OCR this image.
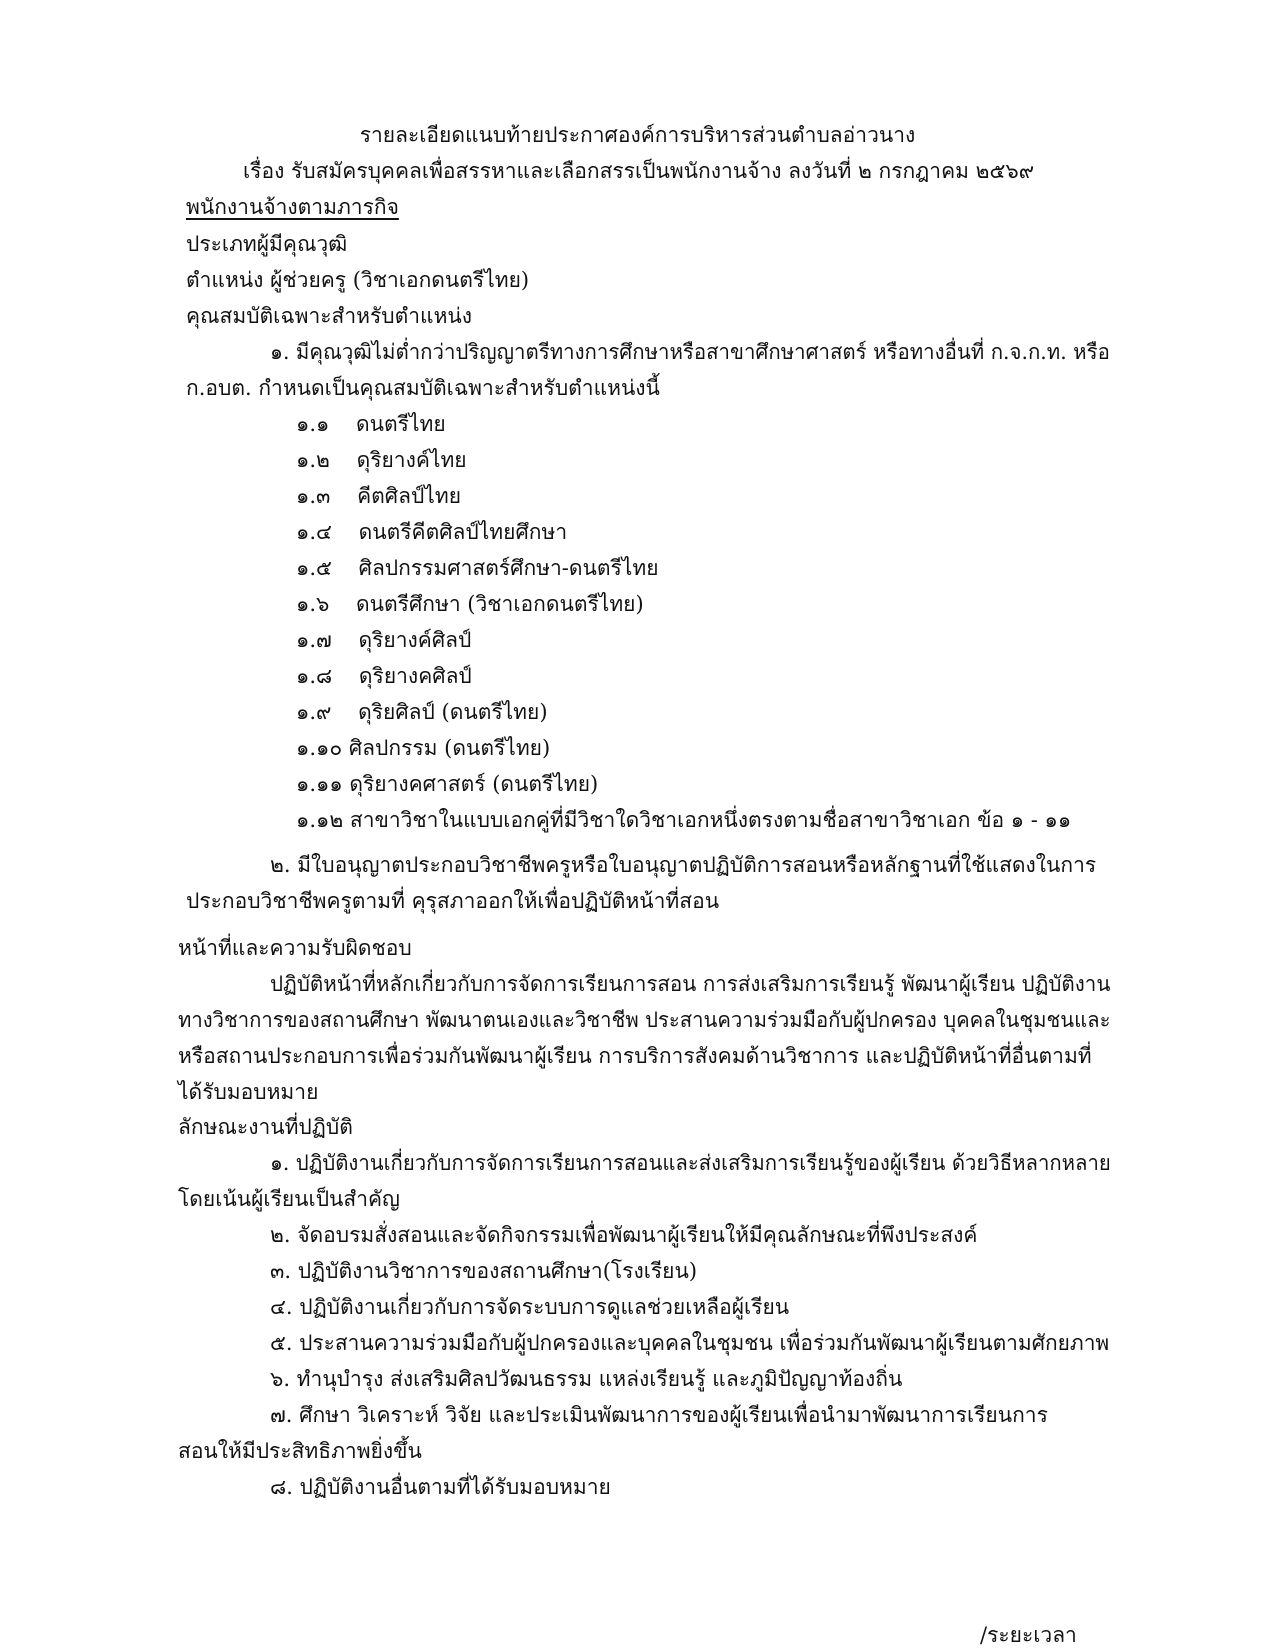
รายละเอียดแนบท้ายประกาศองค์การบริหารส่วนตำบลอ่าวนาง
เรื่อง รับสมัครบุคคลเพื่อสรรหาและเลือกสรรเป็นพนักงานจ้าง ลงวันที่ ๒ กรกฎาคม ๒๕๖๙
พนักงานจ้างตามภารกิจ
ประเภทผู้มีคุณวุฒิ
ตำแหน่ง ผู้ช่วยครู (วิชาเอกดนตรีไทย)
คุณสมบัติเฉพาะสำหรับตำแหน่ง
๑. มีคุณวุฒิไม่ต่ำกว่าปริญญาตรีทางการศึกษาหรือสาขาศึกษาศาสตร์ หรือทางอื่นที่ ก.จ.ก.ท. หรือ
ก.อบต. กำหนดเป็นคุณสมบัติเฉพาะสำหรับตำแหน่งนี้
๑.๑ ดนตรีไทย
๑.๒ ดุริยางค์ไทย
๑.๓ คีตศิลป์ไทย
๑.๔ ดนตรีคีตศิลป์ไทยศึกษา
๑.๕ ศิลปกรรมศาสตร์ศึกษา-ดนตรีไทย
๑.๖ ดนตรีศึกษา (วิชาเอกดนตรีไทย)
๑.๗ ดุริยางค์ศิลป์
๑.๘ ดุริยางคศิลป์
๑.๙ ดุริยศิลป์ (ดนตรีไทย)
๑.๑๐ ศิลปกรรม (ดนตรีไทย)
๑.๑๑ ดุริยางคศาสตร์ (ดนตรีไทย)
๑.๑๒ สาขาวิชาในแบบเอกคู่ที่มีวิชาใดวิชาเอกหนึ่งตรงตามชื่อสาขาวิชาเอก ข้อ ๑ - ๑๑
๒. มีใบอนุญาตประกอบวิชาชีพครูหรือใบอนุญาตปฏิบัติการสอนหรือหลักฐานที่ใช้แสดงในการ
ประกอบวิชาชีพครูตามที่ คุรุสภาออกให้เพื่อปฏิบัติหน้าที่สอน
หน้าที่และความรับผิดชอบ
ปฏิบัติหน้าที่หลักเกี่ยวกับการจัดการเรียนการสอน การส่งเสริมการเรียนรู้ พัฒนาผู้เรียน ปฏิบัติงาน
ทางวิชาการของสถานศึกษา พัฒนาตนเองและวิชาชีพ ประสานความร่วมมือกับผู้ปกครอง บุคคลในชุมชนและ
หรือสถานประกอบการเพื่อร่วมกันพัฒนาผู้เรียน การบริการสังคมด้านวิชาการ และปฏิบัติหน้าที่อื่นตามที่
ได้รับมอบหมาย
ลักษณะงานที่ปฏิบัติ
๑. ปฏิบัติงานเกี่ยวกับการจัดการเรียนการสอนและส่งเสริมการเรียนรู้ของผู้เรียน ด้วยวิธีหลากหลาย
โดยเน้นผู้เรียนเป็นสำคัญ
๒. จัดอบรมสั่งสอนและจัดกิจกรรมเพื่อพัฒนาผู้เรียนให้มีคุณลักษณะที่พึงประสงค์
๓. ปฏิบัติงานวิชาการของสถานศึกษา(โรงเรียน)
๔. ปฏิบัติงานเกี่ยวกับการจัดระบบการดูแลช่วยเหลือผู้เรียน
๕. ประสานความร่วมมือกับผู้ปกครองและบุคคลในชุมชน เพื่อร่วมกันพัฒนาผู้เรียนตามศักยภาพ
๖. ทำนุบำรุง ส่งเสริมศิลปวัฒนธรรม แหล่งเรียนรู้ และภูมิปัญญาท้องถิ่น
๗. ศึกษา วิเคราะห์ วิจัย และประเมินพัฒนาการของผู้เรียนเพื่อนำมาพัฒนาการเรียนการ
สอนให้มีประสิทธิภาพยิ่งขึ้น
๘. ปฏิบัติงานอื่นตามที่ได้รับมอบหมาย
/ระยะเวลา
